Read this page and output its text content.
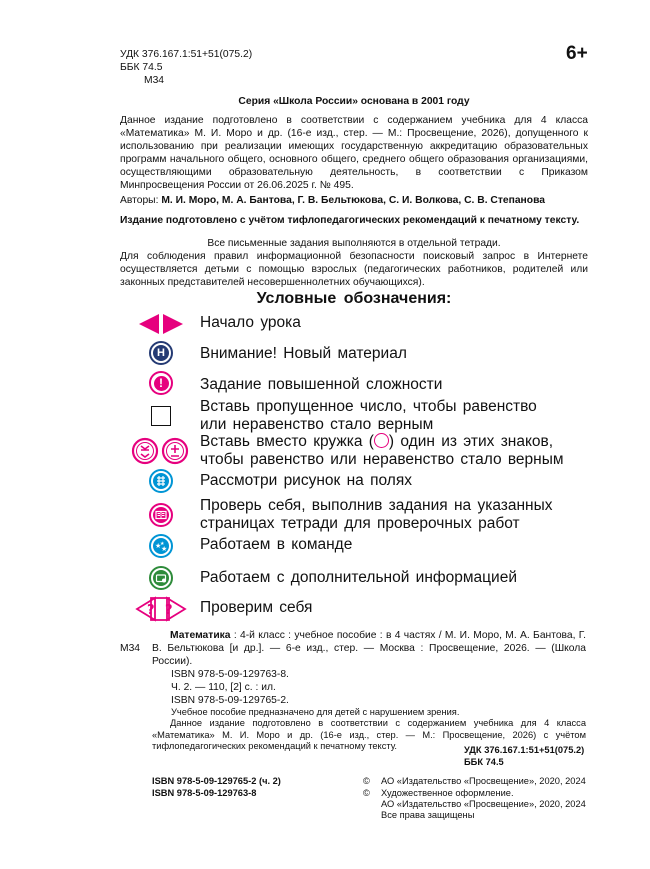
УДК 376.167.1:51+51(075.2)
ББК 74.5
М34
6+
Серия «Школа России» основана в 2001 году
Данное издание подготовлено в соответствии с содержанием учебника для 4 класса «Математика» М. И. Моро и др. (16-е изд., стер. — М.: Просвещение, 2026), допущенного к использованию при реализации имеющих государственную аккредитацию образовательных программ начального общего, основного общего, среднего общего образования организациями, осуществляющими образовательную деятельность, в соответствии с Приказом Минпросвещения России от 26.06.2025 г. № 495.
Авторы: М. И. Моро, М. А. Бантова, Г. В. Бельтюкова, С. И. Волкова, С. В. Степанова
Издание подготовлено с учётом тифлопедагогических рекомендаций к печатному тексту.
Все письменные задания выполняются в отдельной тетради.
Для соблюдения правил информационной безопасности поисковый запрос в Интернете осуществляется детьми с помощью взрослых (педагогических работников, родителей или законных представителей несовершеннолетних обучающихся).
Условные обозначения:
Начало урока
Н Внимание! Новый материал
!	Задание повышенной сложности
Вставь пропущенное число, чтобы равенство
или неравенство стало верным
Вставь вместо кружка ( ) один из этих знаков,
чтобы равенство или неравенство стало верным
Рассмотри рисунок на полях
Проверь себя, выполнив задания на указанных
страницах тетради для проверочных работ
★ ★
★ Работаем в команде
Работаем с дополнительной информацией
? ? Проверим себя
М34
Математика : 4-й класс : учебное пособие : в 4 частях / М. И. Моро, М. А. Бантова, Г. В. Бельтюкова [и др.]. — 6-е изд., стер. — Москва : Просвещение, 2026. — (Школа России).
ISBN 978-5-09-129763-8.
Ч. 2. — 110, [2] с. : ил.
ISBN 978-5-09-129765-2.
Учебное пособие предназначено для детей с нарушением зрения.
Данное издание подготовлено в соответствии с содержанием учебника для 4 класса «Математика» М. И. Моро и др. (16-е изд., стер. — М.: Просвещение, 2026) с учётом тифлопедагогических рекомендаций к печатному тексту.	УДК 376.167.1:51+51(075.2)
ББК 74.5
ISBN 978-5-09-129765-2 (ч. 2)
ISBN 978-5-09-129763-8
© АО «Издательство «Просвещение», 2020, 2024
© Художественное оформление.
АО «Издательство «Просвещение», 2020, 2024
Все права защищены
